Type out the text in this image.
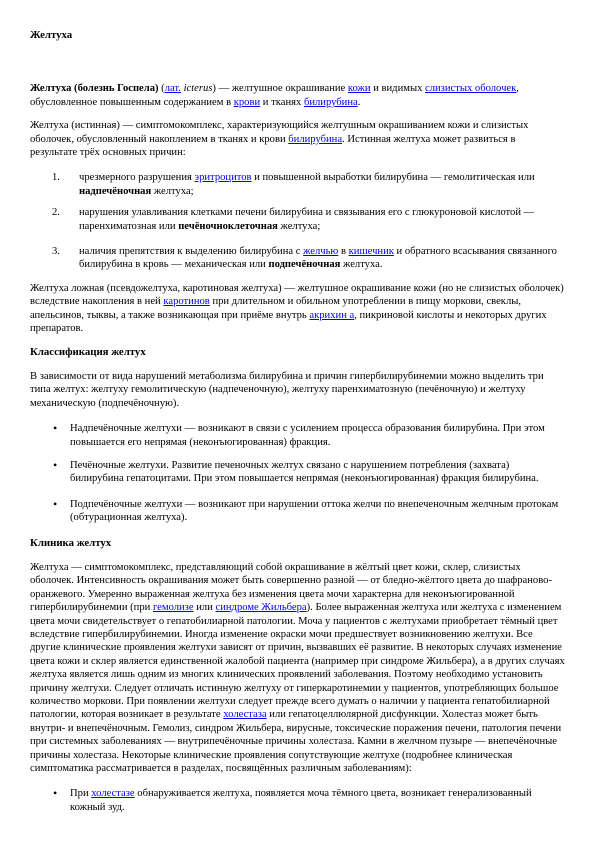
Желтуха

Желтуха (болезнь Госпела) (лат. icterus) — желтушное окрашивание кожи и видимых слизистых оболочек, обусловленное повышенным содержанием в крови и тканях билирубина.

Желтуха (истинная) — симптомокомплекс, характеризующийся желтушным окрашиванием кожи и слизистых оболочек, обусловленный накоплением в тканях и крови билирубина. Истинная желтуха может развиться в результате трёх основных причин:

1.	чрезмерного разрушения эритроцитов и повышенной выработки билирубина — гемолитическая или надпечёночная желтуха;
2.	нарушения улавливания клетками печени билирубина и связывания его с глюкуроновой кислотой — паренхиматозная или печёночноклеточная желтуха;
3.	наличия препятствия к выделению билирубина с желчью в кишечник и обратного всасывания связанного билирубина в кровь — механическая или подпечёночная желтуха.

Желтуха ложная (псевдожелтуха, каротиновая желтуха) — желтушное окрашивание кожи (но не слизистых оболочек) вследствие накопления в ней каротинов при длительном и обильном употреблении в пищу моркови, свеклы, апельсинов, тыквы, а также возникающая при приёме внутрь акрихин а, пикриновой кислоты и некоторых других препаратов.

Классификация желтух

В зависимости от вида нарушений метаболизма билирубина и причин гипербилирубинемии можно выделить три типа желтух: желтуху гемолитическую (надпеченочную), желтуху паренхиматозную (печёночную) и желтуху механическую (подпечёночную).

• Надпечёночные желтухи — возникают в связи с усилением процесса образования билирубина. При этом повышается его непрямая (неконъюгированная) фракция.
• Печёночные желтухи. Развитие печеночных желтух связано с нарушением потребления (захвата) билирубина гепатоцитами. При этом повышается непрямая (неконъюгированная) фракция билирубина.
• Подпечёночные желтухи — возникают при нарушении оттока желчи по внепеченочным желчным протокам (обтурационная желтуха).
Клиника желтух

Желтуха — симптомокомплекс, представляющий собой окрашивание в жёлтый цвет кожи, склер, слизистых оболочек. Интенсивность окрашивания может быть совершенно разной — от бледно-жёлтого цвета до шафраново-оранжевого. Умеренно выраженная желтуха без изменения цвета мочи характерна для неконъюгированной гипербилирубинемии (при гемолизе или синдроме Жильбера). Более выраженная желтуха или желтуха с изменением цвета мочи свидетельствует о гепатобилиарной патологии. Моча у пациентов с желтухами приобретает тёмный цвет вследствие гипербилирубинемии. Иногда изменение окраски мочи предшествует возникновению желтухи. Все другие клинические проявления желтухи зависят от причин, вызвавших её развитие. В некоторых случаях изменение цвета кожи и склер является единственной жалобой пациента (например при синдроме Жильбера), а в других случаях желтуха является лишь одним из многих клинических проявлений заболевания. Поэтому необходимо установить причину желтухи. Следует отличать истинную желтуху от гиперкаротинемии у пациентов, употребляющих большое количество моркови. При появлении желтухи следует прежде всего думать о наличии у пациента гепатобилиарной патологии, которая возникает в результате холестаза или гепатоцеллюлярной дисфункции. Холестаз может быть внутри- и внепечёночным. Гемолиз, синдром Жильбера, вирусные, токсические поражения печени, патология печени при системных заболеваниях — внутрипечёночные причины холестаза. Камни в желчном пузыре — внепечёночные причины холестаза. Некоторые клинические проявления сопутствующие желтухе (подробнее клиническая симптоматика рассматривается в разделах, посвящённых различным заболеваниям):

• При холестазе обнаруживается желтуха, появляется моча тёмного цвета, возникает генерализованный кожный зуд.
